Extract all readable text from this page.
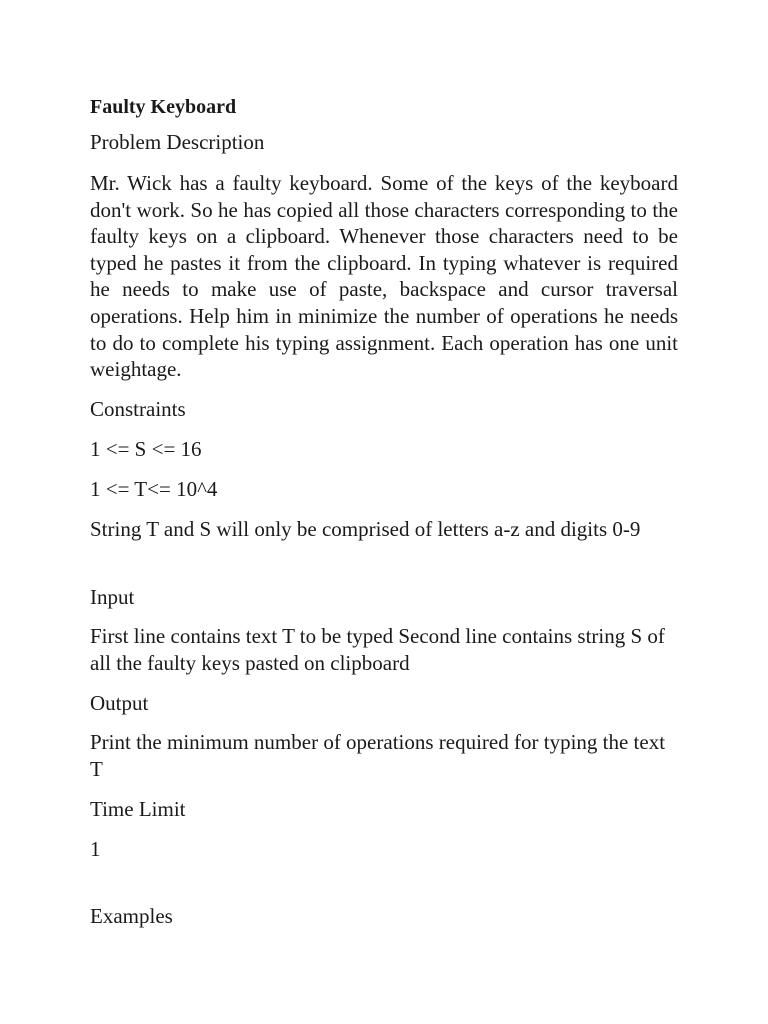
Faulty Keyboard

Problem Description

Mr. Wick has a faulty keyboard. Some of the keys of the keyboard don't work. So he has copied all those characters corresponding to the faulty keys on a clipboard. Whenever those characters need to be typed he pastes it from the clipboard. In typing whatever is required he needs to make use of paste, backspace and cursor traversal operations. Help him in minimize the number of operations he needs to do to complete his typing assignment. Each operation has one unit weightage.

Constraints

1 <= S <= 16

1 <= T<= 10^4

String T and S will only be comprised of letters a-z and digits 0-9

Input

First line contains text T to be typed Second line contains string S of all the faulty keys pasted on clipboard

Output

Print the minimum number of operations required for typing the text T

Time Limit

1

Examples
